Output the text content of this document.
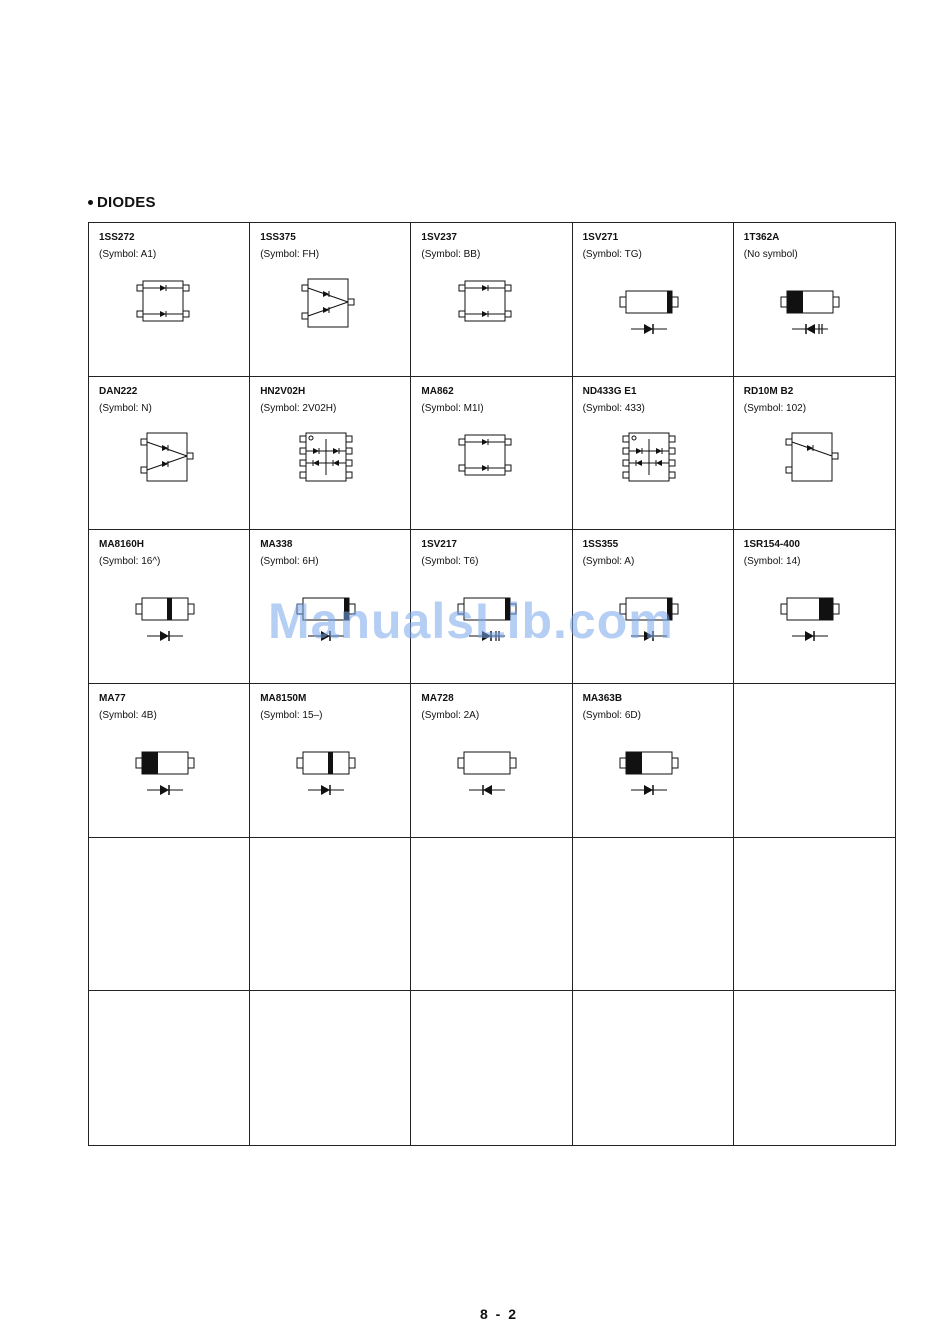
DIODES
1SS272
(Symbol: A1)
1SS375
(Symbol: FH)
1SV237
(Symbol: BB)
1SV271
(Symbol: TG)
1T362A
(No symbol)
DAN222
(Symbol: N)
HN2V02H
(Symbol: 2V02H)
MA862
(Symbol: M1I)
ND433G E1
(Symbol: 433)
RD10M B2
(Symbol: 102)
MA8160H
(Symbol: 16^)
MA338
(Symbol: 6H)
1SV217
(Symbol: T6)
1SS355
(Symbol: A)
1SR154-400
(Symbol: 14)
MA77
(Symbol: 4B)
MA8150M
(Symbol: 15–)
MA728
(Symbol: 2A)
MA363B
(Symbol: 6D)
ManualsLib.com
8 - 2
